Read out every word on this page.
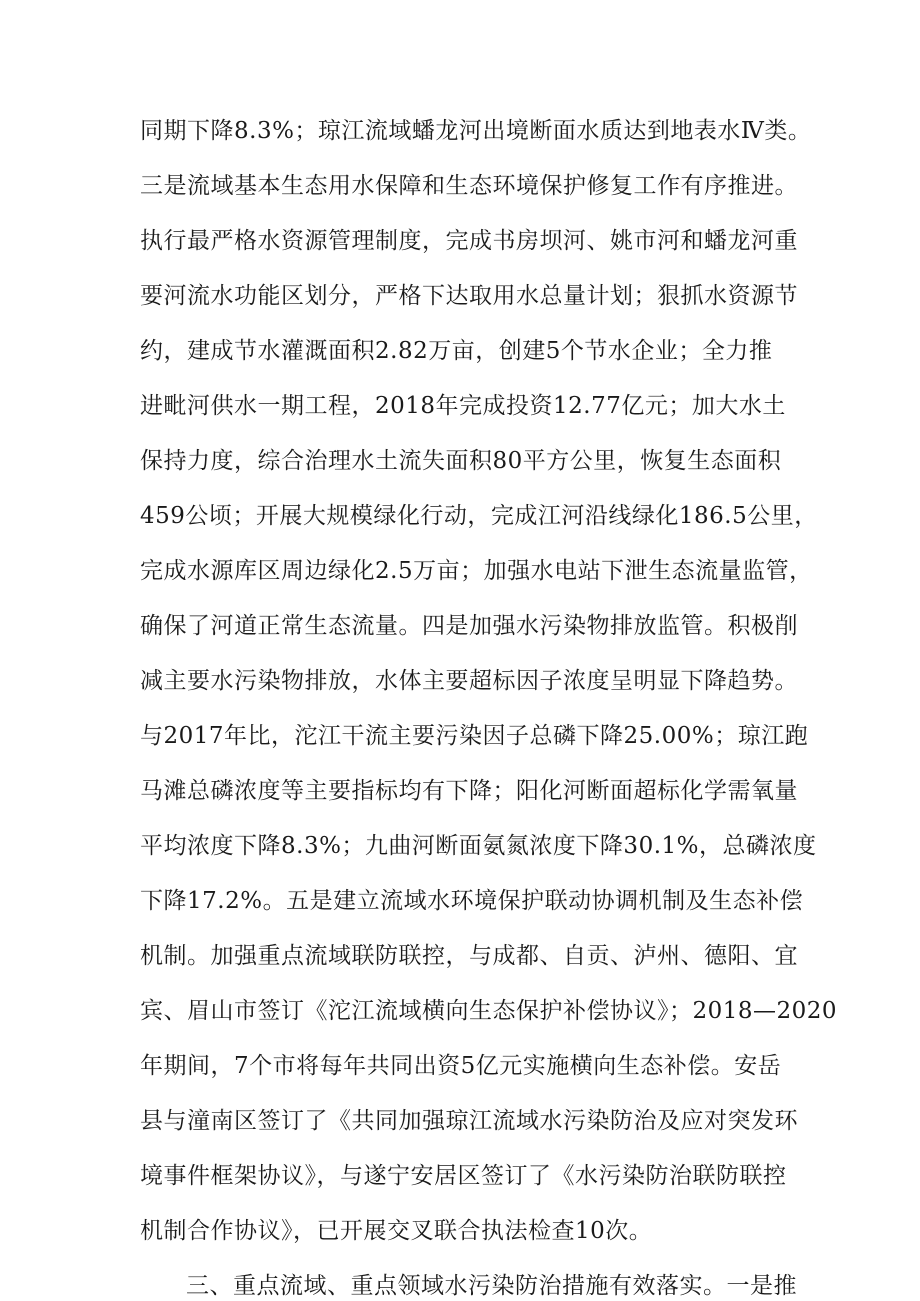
同期下降8.3%；琼江流域蟠龙河出境断面水质达到地表水Ⅳ类。
三是流域基本生态用水保障和生态环境保护修复工作有序推进。
执行最严格水资源管理制度，完成书房坝河、姚市河和蟠龙河重
要河流水功能区划分，严格下达取用水总量计划；狠抓水资源节
约，建成节水灌溉面积2.82万亩，创建5个节水企业；全力推
进毗河供水一期工程，2018年完成投资12.77亿元；加大水土
保持力度，综合治理水土流失面积80平方公里，恢复生态面积
459公顷；开展大规模绿化行动，完成江河沿线绿化186.5公里，
完成水源库区周边绿化2.5万亩；加强水电站下泄生态流量监管，
确保了河道正常生态流量。四是加强水污染物排放监管。积极削
减主要水污染物排放，水体主要超标因子浓度呈明显下降趋势。
与2017年比，沱江干流主要污染因子总磷下降25.00%；琼江跑
马滩总磷浓度等主要指标均有下降；阳化河断面超标化学需氧量
平均浓度下降8.3%；九曲河断面氨氮浓度下降30.1%，总磷浓度
下降17.2%。五是建立流域水环境保护联动协调机制及生态补偿
机制。加强重点流域联防联控，与成都、自贡、泸州、德阳、宜
宾、眉山市签订《沱江流域横向生态保护补偿协议》；2018—2020
年期间，7个市将每年共同出资5亿元实施横向生态补偿。安岳
县与潼南区签订了《共同加强琼江流域水污染防治及应对突发环
境事件框架协议》，与遂宁安居区签订了《水污染防治联防联控
机制合作协议》，已开展交叉联合执法检查10次。
三、重点流域、重点领域水污染防治措施有效落实。一是推
